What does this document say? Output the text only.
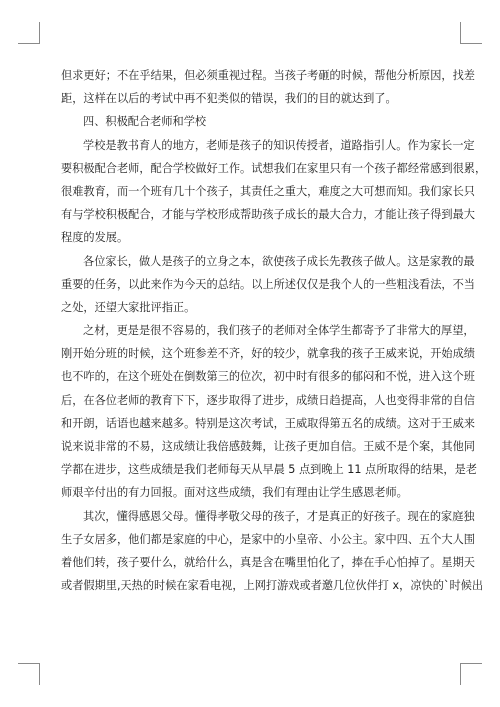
但求更好；不在乎结果，但必须重视过程。当孩子考砸的时候，帮他分析原因，找差
距，这样在以后的考试中再不犯类似的错误，我们的目的就达到了。
四、积极配合老师和学校
学校是教书育人的地方，老师是孩子的知识传授者，道路指引人。作为家长一定
要积极配合老师，配合学校做好工作。试想我们在家里只有一个孩子都经常感到很累，
很难教育，而一个班有几十个孩子，其责任之重大，难度之大可想而知。我们家长只
有与学校积极配合，才能与学校形成帮助孩子成长的最大合力，才能让孩子得到最大
程度的发展。
各位家长，做人是孩子的立身之本，欲使孩子成长先教孩子做人。这是家教的最
重要的任务，以此来作为今天的总结。以上所述仅仅是我个人的一些粗浅看法，不当
之处，还望大家批评指正。
之材，更是是很不容易的，我们孩子的老师对全体学生都寄予了非常大的厚望，
刚开始分班的时候，这个班参差不齐，好的较少，就拿我的孩子王威来说，开始成绩
也不咋的，在这个班处在倒数第三的位次，初中时有很多的郁闷和不悦，进入这个班
后，在各位老师的教育下下，逐步取得了进步，成绩日趋提高，人也变得非常的自信
和开朗，话语也越来越多。特别是这次考试，王威取得第五名的成绩。这对于王威来
说来说非常的不易，这成绩让我倍感鼓舞，让孩子更加自信。王威不是个案，其他同
学都在进步，这些成绩是我们老师每天从早晨 5 点到晚上 11 点所取得的结果，是老
师艰辛付出的有力回报。面对这些成绩，我们有理由让学生感恩老师。
其次，懂得感恩父母。懂得孝敬父母的孩子，才是真正的好孩子。现在的家庭独
生子女居多，他们都是家庭的中心，是家中的小皇帝、小公主。家中四、五个大人围
着他们转，孩子要什么，就给什么，真是含在嘴里怕化了，捧在手心怕掉了。星期天
或者假期里,天热的时候在家看电视，上网打游戏或者邀几位伙伴打 x，凉快的`时候出
